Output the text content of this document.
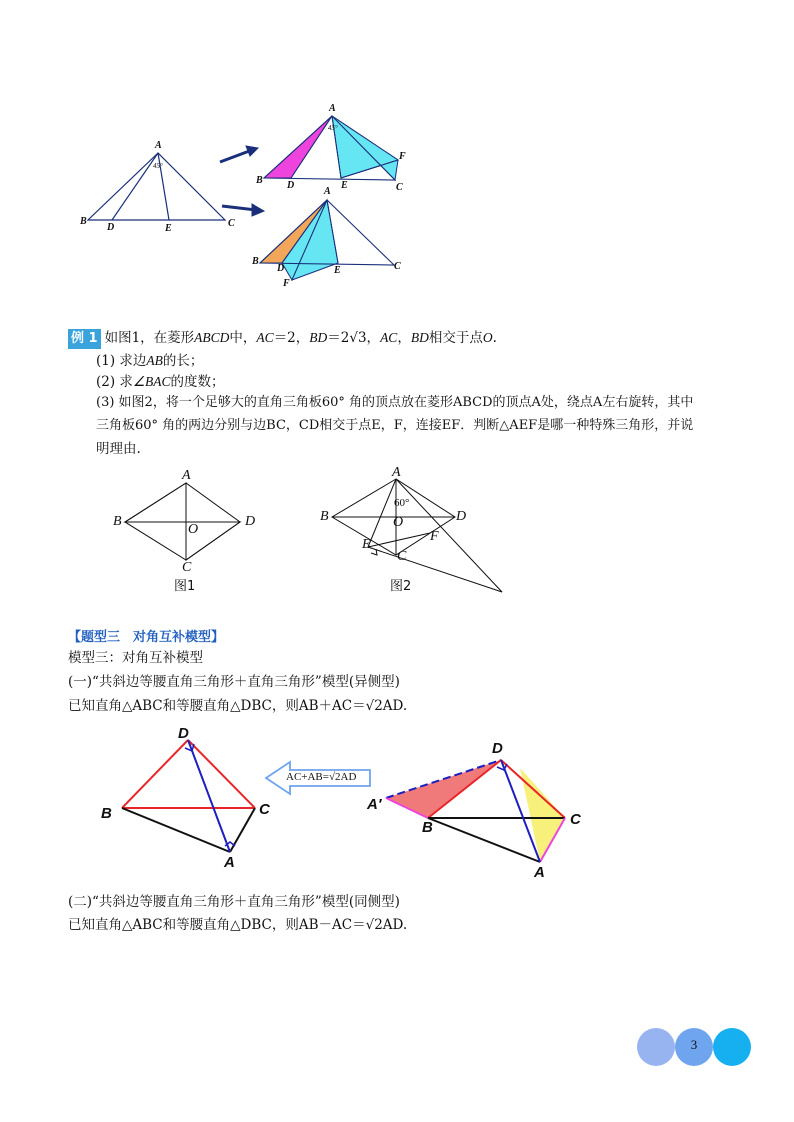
A
45°
B
D	E	C
A
45°
B D	E
F
C
A
B
D	E
F
C
例 1 如图1，在菱形ABCD中，AC＝2，BD＝2√3，AC，BD相交于点O.
(1) 求边AB的长；
(2) 求∠BAC的度数；
(3) 如图2，将一个足够大的直角三角板60° 角的顶点放在菱形ABCD的顶点A处，绕点A左右旋转，其中
三角板60° 角的两边分别与边BC，CD相交于点E，F，连接EF．判断△AEF是哪一种特殊三角形，并说
明理由.
A
B	D
O
C
图1
A
B	D
O
C
E
F
60°
图2
【题型三　对角互补模型】
模型三：对角互补模型
(一)“共斜边等腰直角三角形＋直角三角形”模型(异侧型)
已知直角△ABC和等腰直角△DBC，则AB＋AC＝√2AD.
D
B	C
A
AC+AB=√2AD
D
A′
B	C
A
(二)“共斜边等腰直角三角形＋直角三角形”模型(同侧型)
已知直角△ABC和等腰直角△DBC，则AB－AC＝√2AD.
3
